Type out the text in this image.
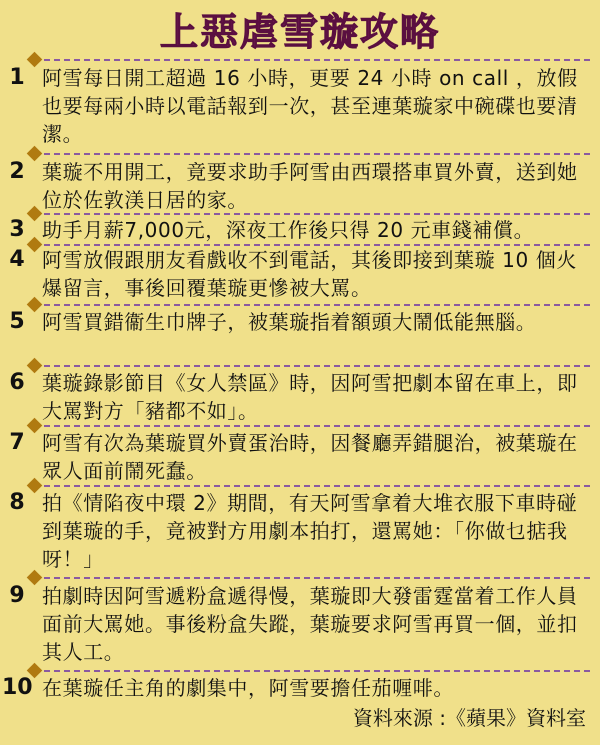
上惡虐雪璇攻略
1 阿雪每日開工超過 16 小時，更要 24 小時 on call ，放假也要每兩小時以電話報到一次，甚至連葉璇家中碗碟也要清潔。
2 葉璇不用開工，竟要求助手阿雪由西環搭車買外賣，送到她位於佐敦渼日居的家。
3 助手月薪7,000元，深夜工作後只得 20 元車錢補償。
4 阿雪放假跟朋友看戲收不到電話，其後即接到葉璇 10 個火爆留言，事後回覆葉璇更慘被大罵。
5 阿雪買錯衞生巾牌子，被葉璇指着額頭大鬧低能無腦。
6 葉璇錄影節目《女人禁區》時，因阿雪把劇本留在車上，即大罵對方「豬都不如」。
7 阿雪有次為葉璇買外賣蛋治時，因餐廳弄錯腿治，被葉璇在眾人面前鬧死蠢。
8 拍《情陷夜中環 2》期間，有天阿雪拿着大堆衣服下車時碰到葉璇的手，竟被對方用劇本拍打，還罵她：「你做乜掂我呀！」
9 拍劇時因阿雪遞粉盒遞得慢，葉璇即大發雷霆當着工作人員面前大罵她。事後粉盒失蹤，葉璇要求阿雪再買一個，並扣其人工。
10 在葉璇任主角的劇集中，阿雪要擔任茄喱啡。
資料來源 :《蘋果》資料室
